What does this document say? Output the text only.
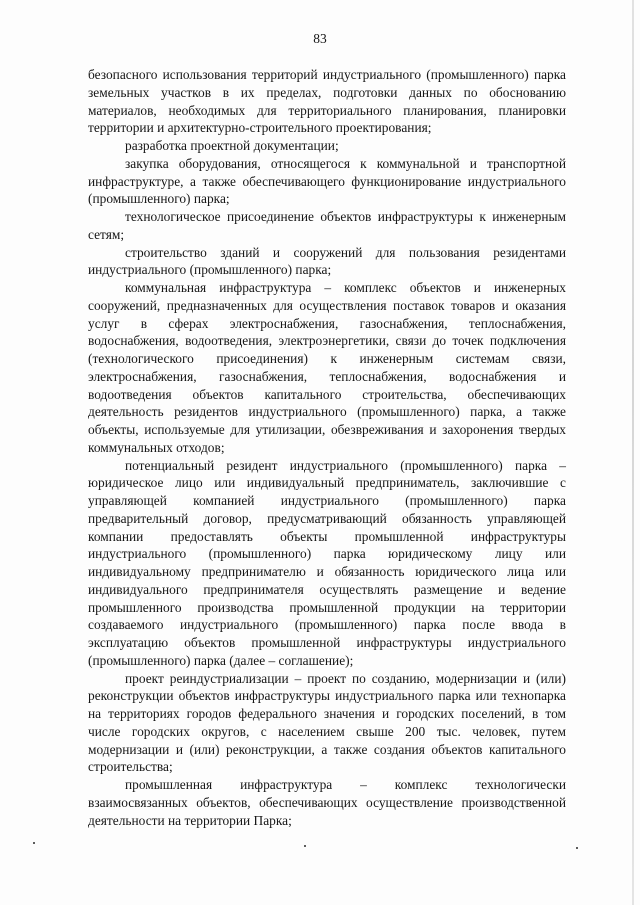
83

безопасного использования территорий индустриального (промышленного) парка земельных участков в их пределах, подготовки данных по обоснованию материалов, необходимых для территориального планирования, планировки территории и архитектурно-строительного проектирования;

разработка проектной документации;

закупка оборудования, относящегося к коммунальной и транспортной инфраструктуре, а также обеспечивающего функционирование индустриального (промышленного) парка;

технологическое присоединение объектов инфраструктуры к инженерным сетям;

строительство зданий и сооружений для пользования резидентами индустриального (промышленного) парка;

коммунальная инфраструктура – комплекс объектов и инженерных сооружений, предназначенных для осуществления поставок товаров и оказания услуг в сферах электроснабжения, газоснабжения, теплоснабжения, водоснабжения, водоотведения, электроэнергетики, связи до точек подключения (технологического присоединения) к инженерным системам связи, электроснабжения, газоснабжения, теплоснабжения, водоснабжения и водоотведения объектов капитального строительства, обеспечивающих деятельность резидентов индустриального (промышленного) парка, а также объекты, используемые для утилизации, обезвреживания и захоронения твердых коммунальных отходов;

потенциальный резидент индустриального (промышленного) парка – юридическое лицо или индивидуальный предприниматель, заключившие с управляющей компанией индустриального (промышленного) парка предварительный договор, предусматривающий обязанность управляющей компании предоставлять объекты промышленной инфраструктуры индустриального (промышленного) парка юридическому лицу или индивидуальному предпринимателю и обязанность юридического лица или индивидуального предпринимателя осуществлять размещение и ведение промышленного производства промышленной продукции на территории создаваемого индустриального (промышленного) парка после ввода в эксплуатацию объектов промышленной инфраструктуры индустриального (промышленного) парка (далее – соглашение);

проект реиндустриализации – проект по созданию, модернизации и (или) реконструкции объектов инфраструктуры индустриального парка или технопарка на территориях городов федерального значения и городских поселений, в том числе городских округов, с населением свыше 200 тыс. человек, путем модернизации и (или) реконструкции, а также создания объектов капитального строительства;

промышленная инфраструктура – комплекс технологически взаимосвязанных объектов, обеспечивающих осуществление производственной деятельности на территории Парка;
